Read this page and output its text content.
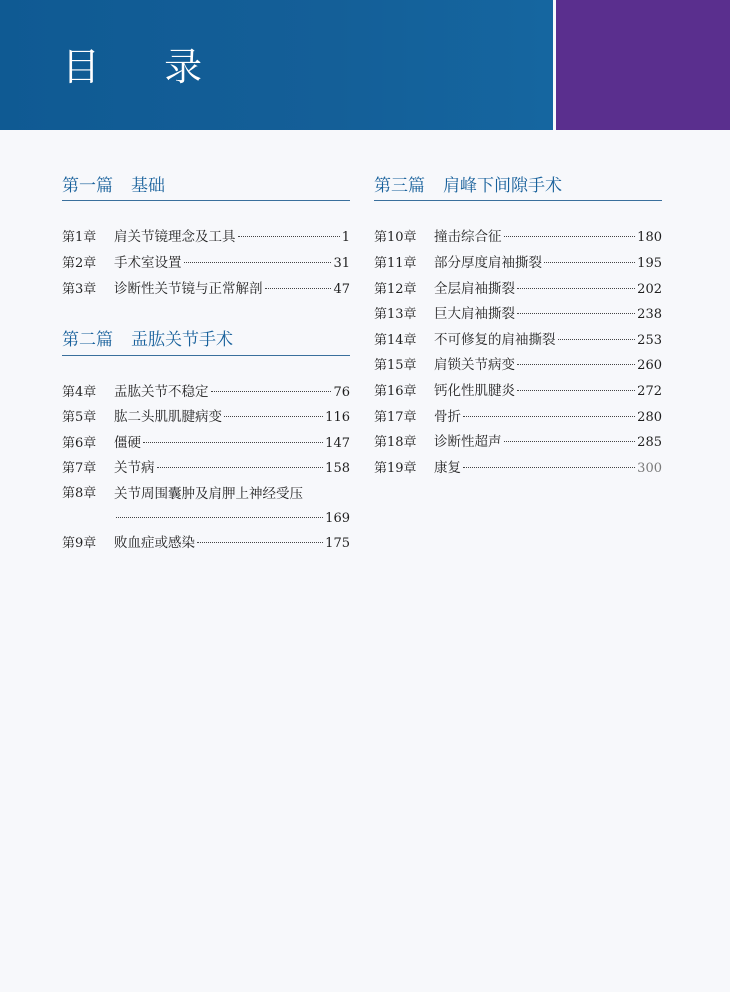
目 录
第一篇 基础
第1章	肩关节镜理念及工具	1
第2章	手术室设置	31
第3章	诊断性关节镜与正常解剖	47
第二篇 盂肱关节手术
第4章	盂肱关节不稳定	76
第5章	肱二头肌肌腱病变	116
第6章	僵硬	147
第7章	关节病	158
第8章	关节周围囊肿及肩胛上神经受压
169
第9章	败血症或感染	175
第三篇 肩峰下间隙手术
第10章	撞击综合征	180
第11章	部分厚度肩袖撕裂	195
第12章	全层肩袖撕裂	202
第13章	巨大肩袖撕裂	238
第14章	不可修复的肩袖撕裂	253
第15章	肩锁关节病变	260
第16章	钙化性肌腱炎	272
第17章	骨折	280
第18章	诊断性超声	285
第19章	康复	300
